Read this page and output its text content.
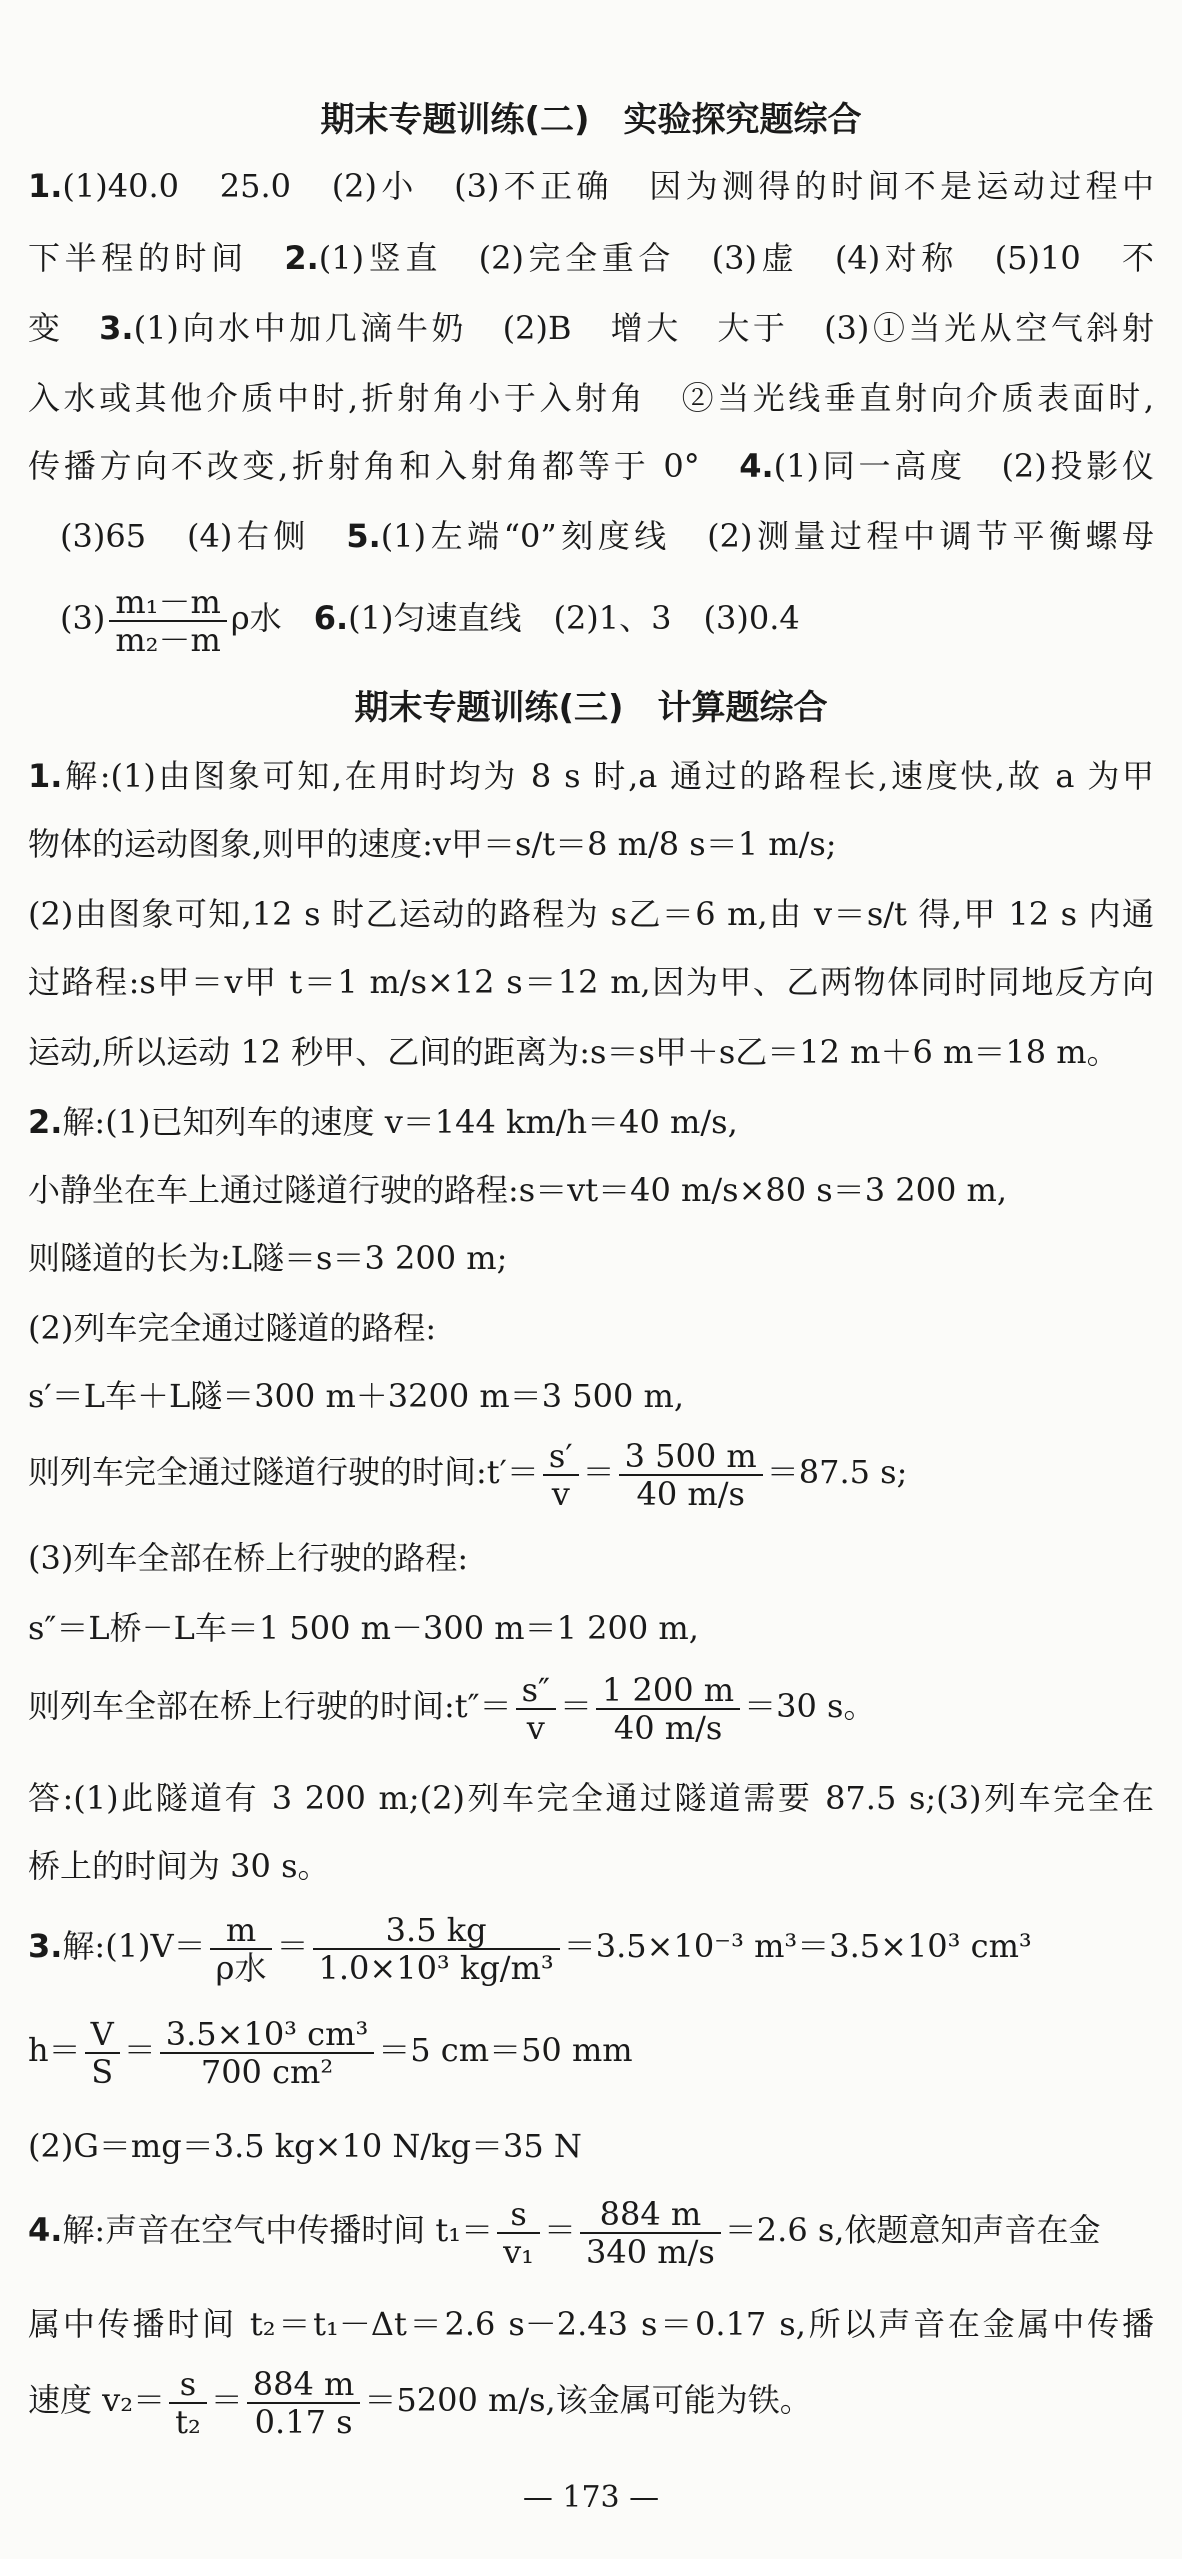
期末专题训练(二)　实验探究题综合
1.(1)40.0　25.0　(2)小　(3)不正确　因为测得的时间不是运动过程中
下半程的时间　2.(1)竖直　(2)完全重合　(3)虚　(4)对称　(5)10　不
变　3.(1)向水中加几滴牛奶　(2)B　增大　大于　(3)①当光从空气斜射
入水或其他介质中时,折射角小于入射角　②当光线垂直射向介质表面时,
传播方向不改变,折射角和入射角都等于 0°　4.(1)同一高度　(2)投影仪
(3)65　(4)右侧　5.(1)左端“0”刻度线　(2)测量过程中调节平衡螺母
$(3) \frac{\text{m₁－m}}{\text{m₂－m}}$ ρ水　 6.(1)匀速直线　(2)1、3　(3)0.4
期末专题训练(三)　计算题综合
1.解:(1)由图象可知,在用时均为 8 s 时,a 通过的路程长,速度快,故 a 为甲
物体的运动图象,则甲的速度:v甲＝s/t＝8 m/8 s＝1 m/s;
(2)由图象可知,12 s 时乙运动的路程为 s乙＝6 m,由 v＝s/t 得,甲 12 s 内通
过路程:s甲＝v甲 t＝1 m/s×12 s＝12 m,因为甲、乙两物体同时同地反方向
运动,所以运动 12 秒甲、乙间的距离为:s＝s甲＋s乙＝12 m＋6 m＝18 m。
2.解:(1)已知列车的速度 v＝144 km/h＝40 m/s,
小静坐在车上通过隧道行驶的路程:s＝vt＝40 m/s×80 s＝3 200 m,
则隧道的长为:L隧＝s＝3 200 m;
(2)列车完全通过隧道的路程:
s′＝L车＋L隧＝300 m＋3200 m＝3 500 m,
则列车完全通过隧道行驶的时间:t′＝ $\frac{s'}{v} = \frac{3 500 m}{40 m/s} =87.5$ s;
(3)列车全部在桥上行驶的路程:
s″＝L桥－L车＝1 500 m－300 m＝1 200 m,
则列车全部在桥上行驶的时间:t″＝ $\frac{s''}{v} = \frac{1 200 m}{40 m/s} =30$ s。
答:(1)此隧道有 3 200 m;(2)列车完全通过隧道需要 87.5 s;(3)列车完全在
桥上的时间为 30 s。
3.解:(1)V＝ $\frac{m}{\text{ρ水}} = \frac{3.5 kg}{\text{1.0×10³ kg/m³}} =3.5\times 10^{-3}$ m³＝3.5×10³ cm³
$h= \frac{V}{S} = \frac{\text{3.5×10³ cm³}}{\text{700 cm²}} =5$ cm＝50 mm
(2)G＝mg＝3.5 kg×10 N/kg＝35 N
4.解:声音在空气中传播时间 $t_1= \frac{s}{\text{v₁}} = \frac{884 m}{340 m/s} =2.6$ s,依题意知声音在金
属中传播时间 t₂＝t₁－Δt＝2.6 s－2.43 s＝0.17 s,所以声音在金属中传播
速度 $v_2= \frac{s}{\text{t₂}} = \frac{884 m}{0.17 s} =5200$ m/s,该金属可能为铁。
— 173 —
